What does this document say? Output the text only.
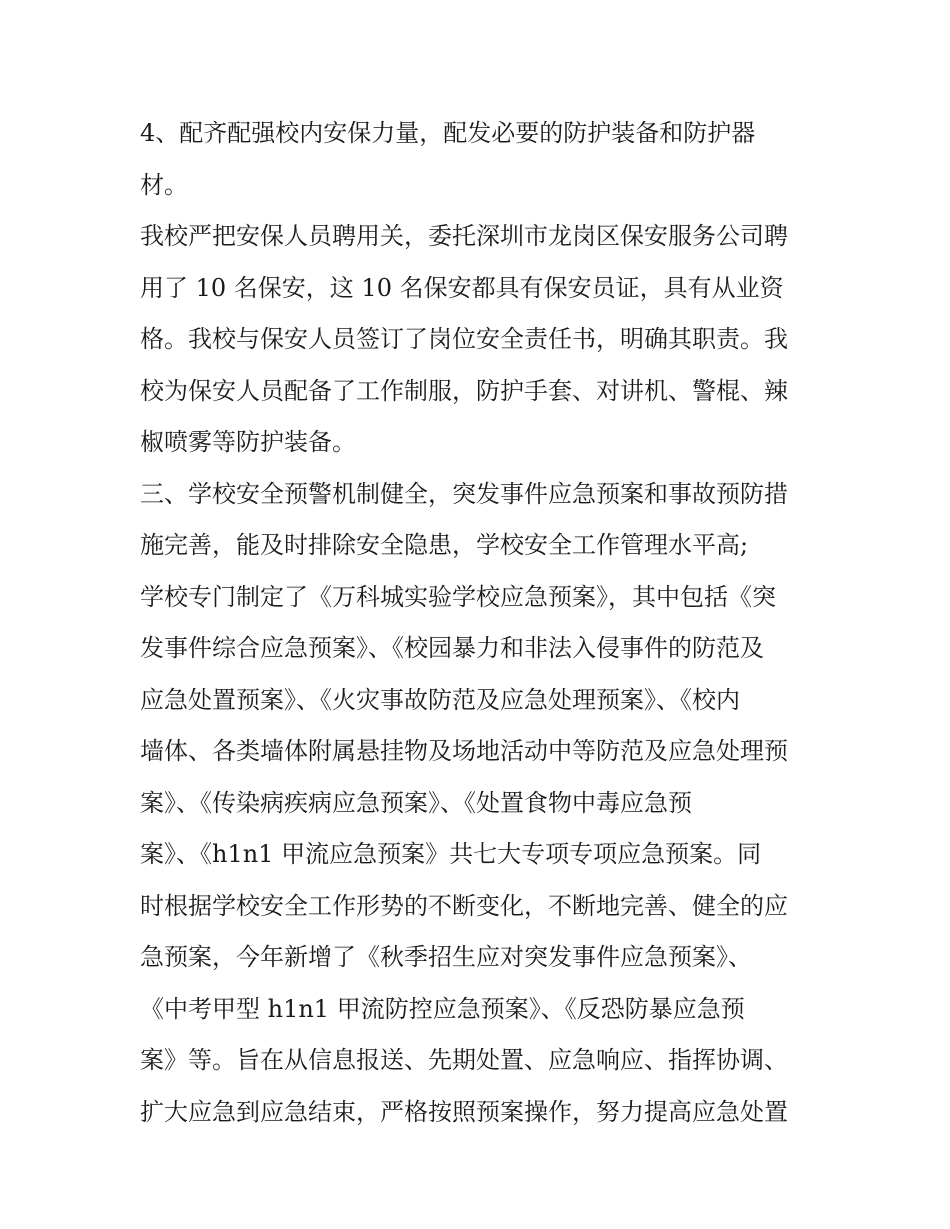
4、配齐配强校内安保力量，配发必要的防护装备和防护器
材。
我校严把安保人员聘用关，委托深圳市龙岗区保安服务公司聘
用了 10 名保安，这 10 名保安都具有保安员证，具有从业资
格。我校与保安人员签订了岗位安全责任书，明确其职责。我
校为保安人员配备了工作制服，防护手套、对讲机、警棍、辣
椒喷雾等防护装备。
三、学校安全预警机制健全，突发事件应急预案和事故预防措
施完善，能及时排除安全隐患，学校安全工作管理水平高;
学校专门制定了《万科城实验学校应急预案》，其中包括《突
发事件综合应急预案》、《校园暴力和非法入侵事件的防范及
应急处置预案》、《火灾事故防范及应急处理预案》、《校内
墙体、各类墙体附属悬挂物及场地活动中等防范及应急处理预
案》、《传染病疾病应急预案》、《处置食物中毒应急预
案》、《h1n1 甲流应急预案》共七大专项专项应急预案。同
时根据学校安全工作形势的不断变化，不断地完善、健全的应
急预案，今年新增了《秋季招生应对突发事件应急预案》、
《中考甲型 h1n1 甲流防控应急预案》、《反恐防暴应急预
案》等。旨在从信息报送、先期处置、应急响应、指挥协调、
扩大应急到应急结束，严格按照预案操作，努力提高应急处置
